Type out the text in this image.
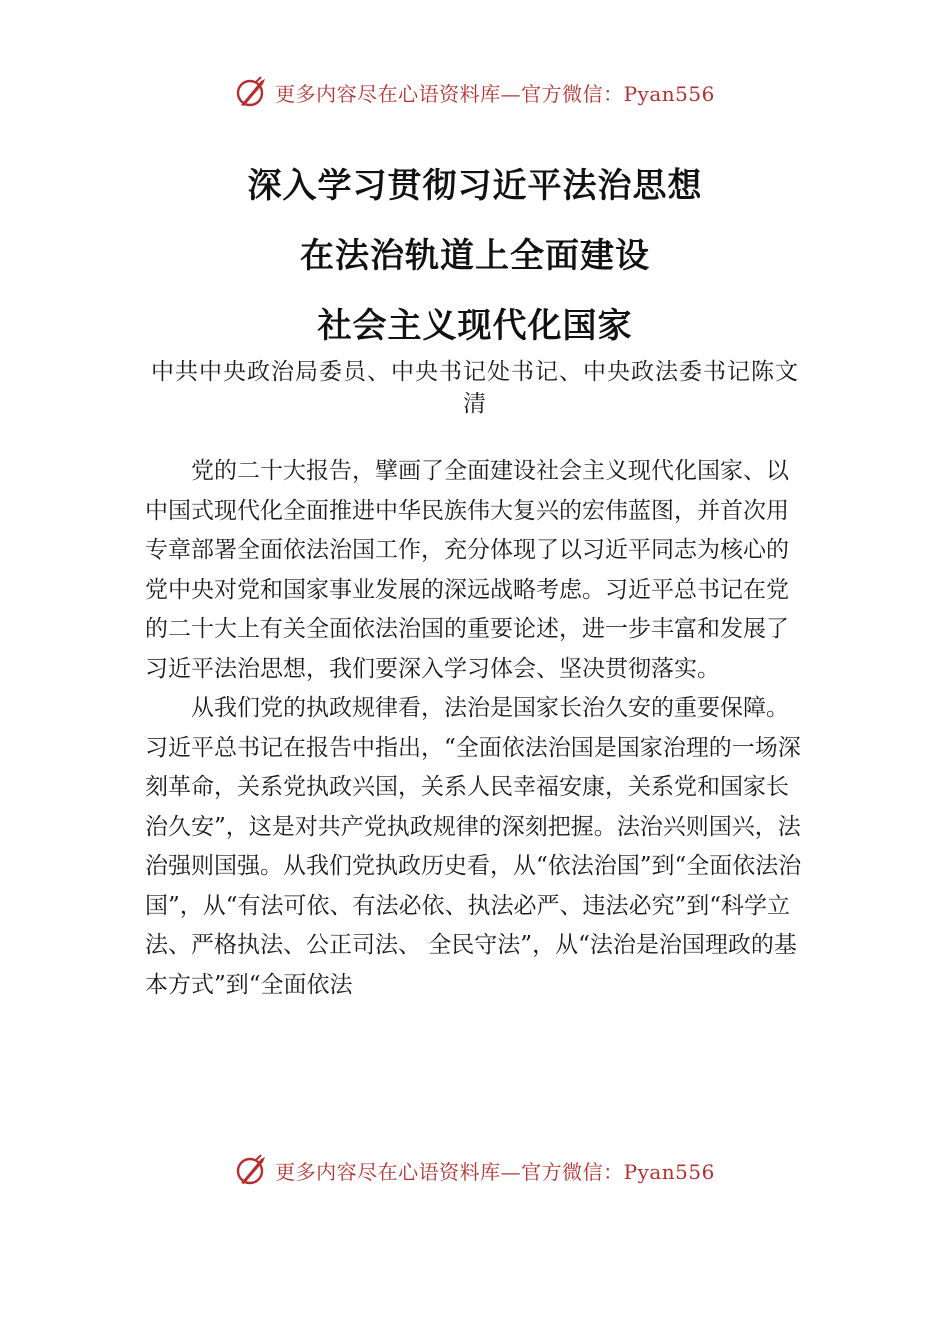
更多内容尽在心语资料库—官方微信：Pyan556
深入学习贯彻习近平法治思想
在法治轨道上全面建设
社会主义现代化国家
中共中央政治局委员、中央书记处书记、中央政法委书记陈文清

党的二十大报告，擘画了全面建设社会主义现代化国家、以中国式现代化全面推进中华民族伟大复兴的宏伟蓝图，并首次用专章部署全面依法治国工作，充分体现了以习近平同志为核心的党中央对党和国家事业发展的深远战略考虑。习近平总书记在党的二十大上有关全面依法治国的重要论述，进一步丰富和发展了习近平法治思想，我们要深入学习体会、坚决贯彻落实。

从我们党的执政规律看，法治是国家长治久安的重要保障。习近平总书记在报告中指出，“全面依法治国是国家治理的一场深刻革命，关系党执政兴国，关系人民幸福安康，关系党和国家长治久安”，这是对共产党执政规律的深刻把握。法治兴则国兴，法治强则国强。从我们党执政历史看，从“依法治国”到“全面依法治国”，从“有法可依、有法必依、执法必严、违法必究”到“科学立法、严格执法、公正司法、 全民守法”，从“法治是治国理政的基本方式”到“全面依法

更多内容尽在心语资料库—官方微信：Pyan556
